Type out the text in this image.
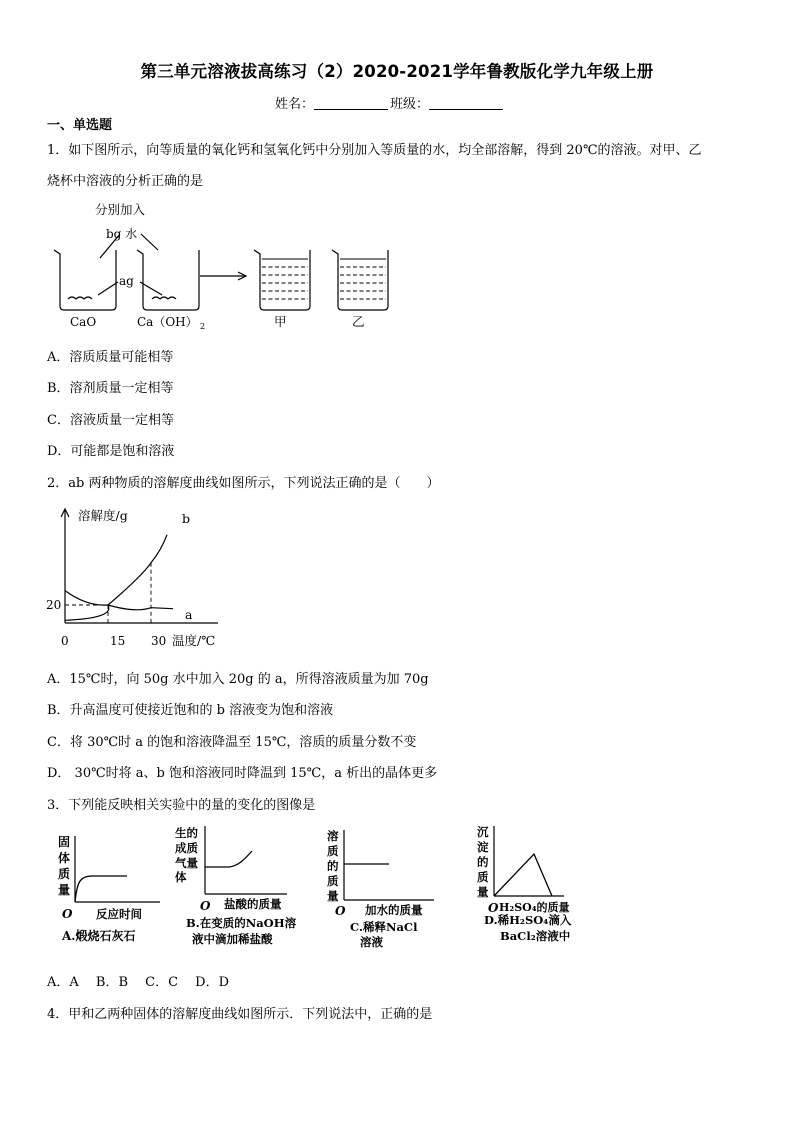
第三单元溶液拔高练习（2）2020-2021学年鲁教版化学九年级上册
姓名：	班级：
一、单选题
1．如下图所示，向等质量的氧化钙和氢氧化钙中分别加入等质量的水，均全部溶解，得到 20℃的溶液。对甲、乙
烧杯中溶液的分析正确的是
分别加入
bg 水
ag
CaO	Ca（OH） 2	甲	乙
A．溶质质量可能相等
B．溶剂质量一定相等
C．溶液质量一定相等
D．可能都是饱和溶液
2．ab 两种物质的溶解度曲线如图所示，下列说法正确的是（　　）
溶解度/g
0	15 30 温度/℃
20
a
b
A．15℃时，向 50g 水中加入 20g 的 a，所得溶液质量为加 70g
B．升高温度可使接近饱和的 b 溶液变为饱和溶液
C．将 30℃时 a 的饱和溶液降温至 15℃，溶质的质量分数不变
D． 30℃时将 a、b 饱和溶液同时降温到 15℃，a 析出的晶体更多
3．下列能反映相关实验中的量的变化的图像是
固
体
质
量
O 反应时间
A.煅烧石灰石
生的
成质
气量
体
O 盐酸的质量
B.在变质的NaOH溶
液中滴加稀盐酸
溶
质
的
质
量
O 加水的质量
C.稀释NaCl
溶液
沉
淀
的
质
量
O H₂SO₄的质量
D.稀H₂SO₄滴入
BaCl₂溶液中
A．A　 B．B　 C．C　 D．D
4．甲和乙两种固体的溶解度曲线如图所示．下列说法中，正确的是
